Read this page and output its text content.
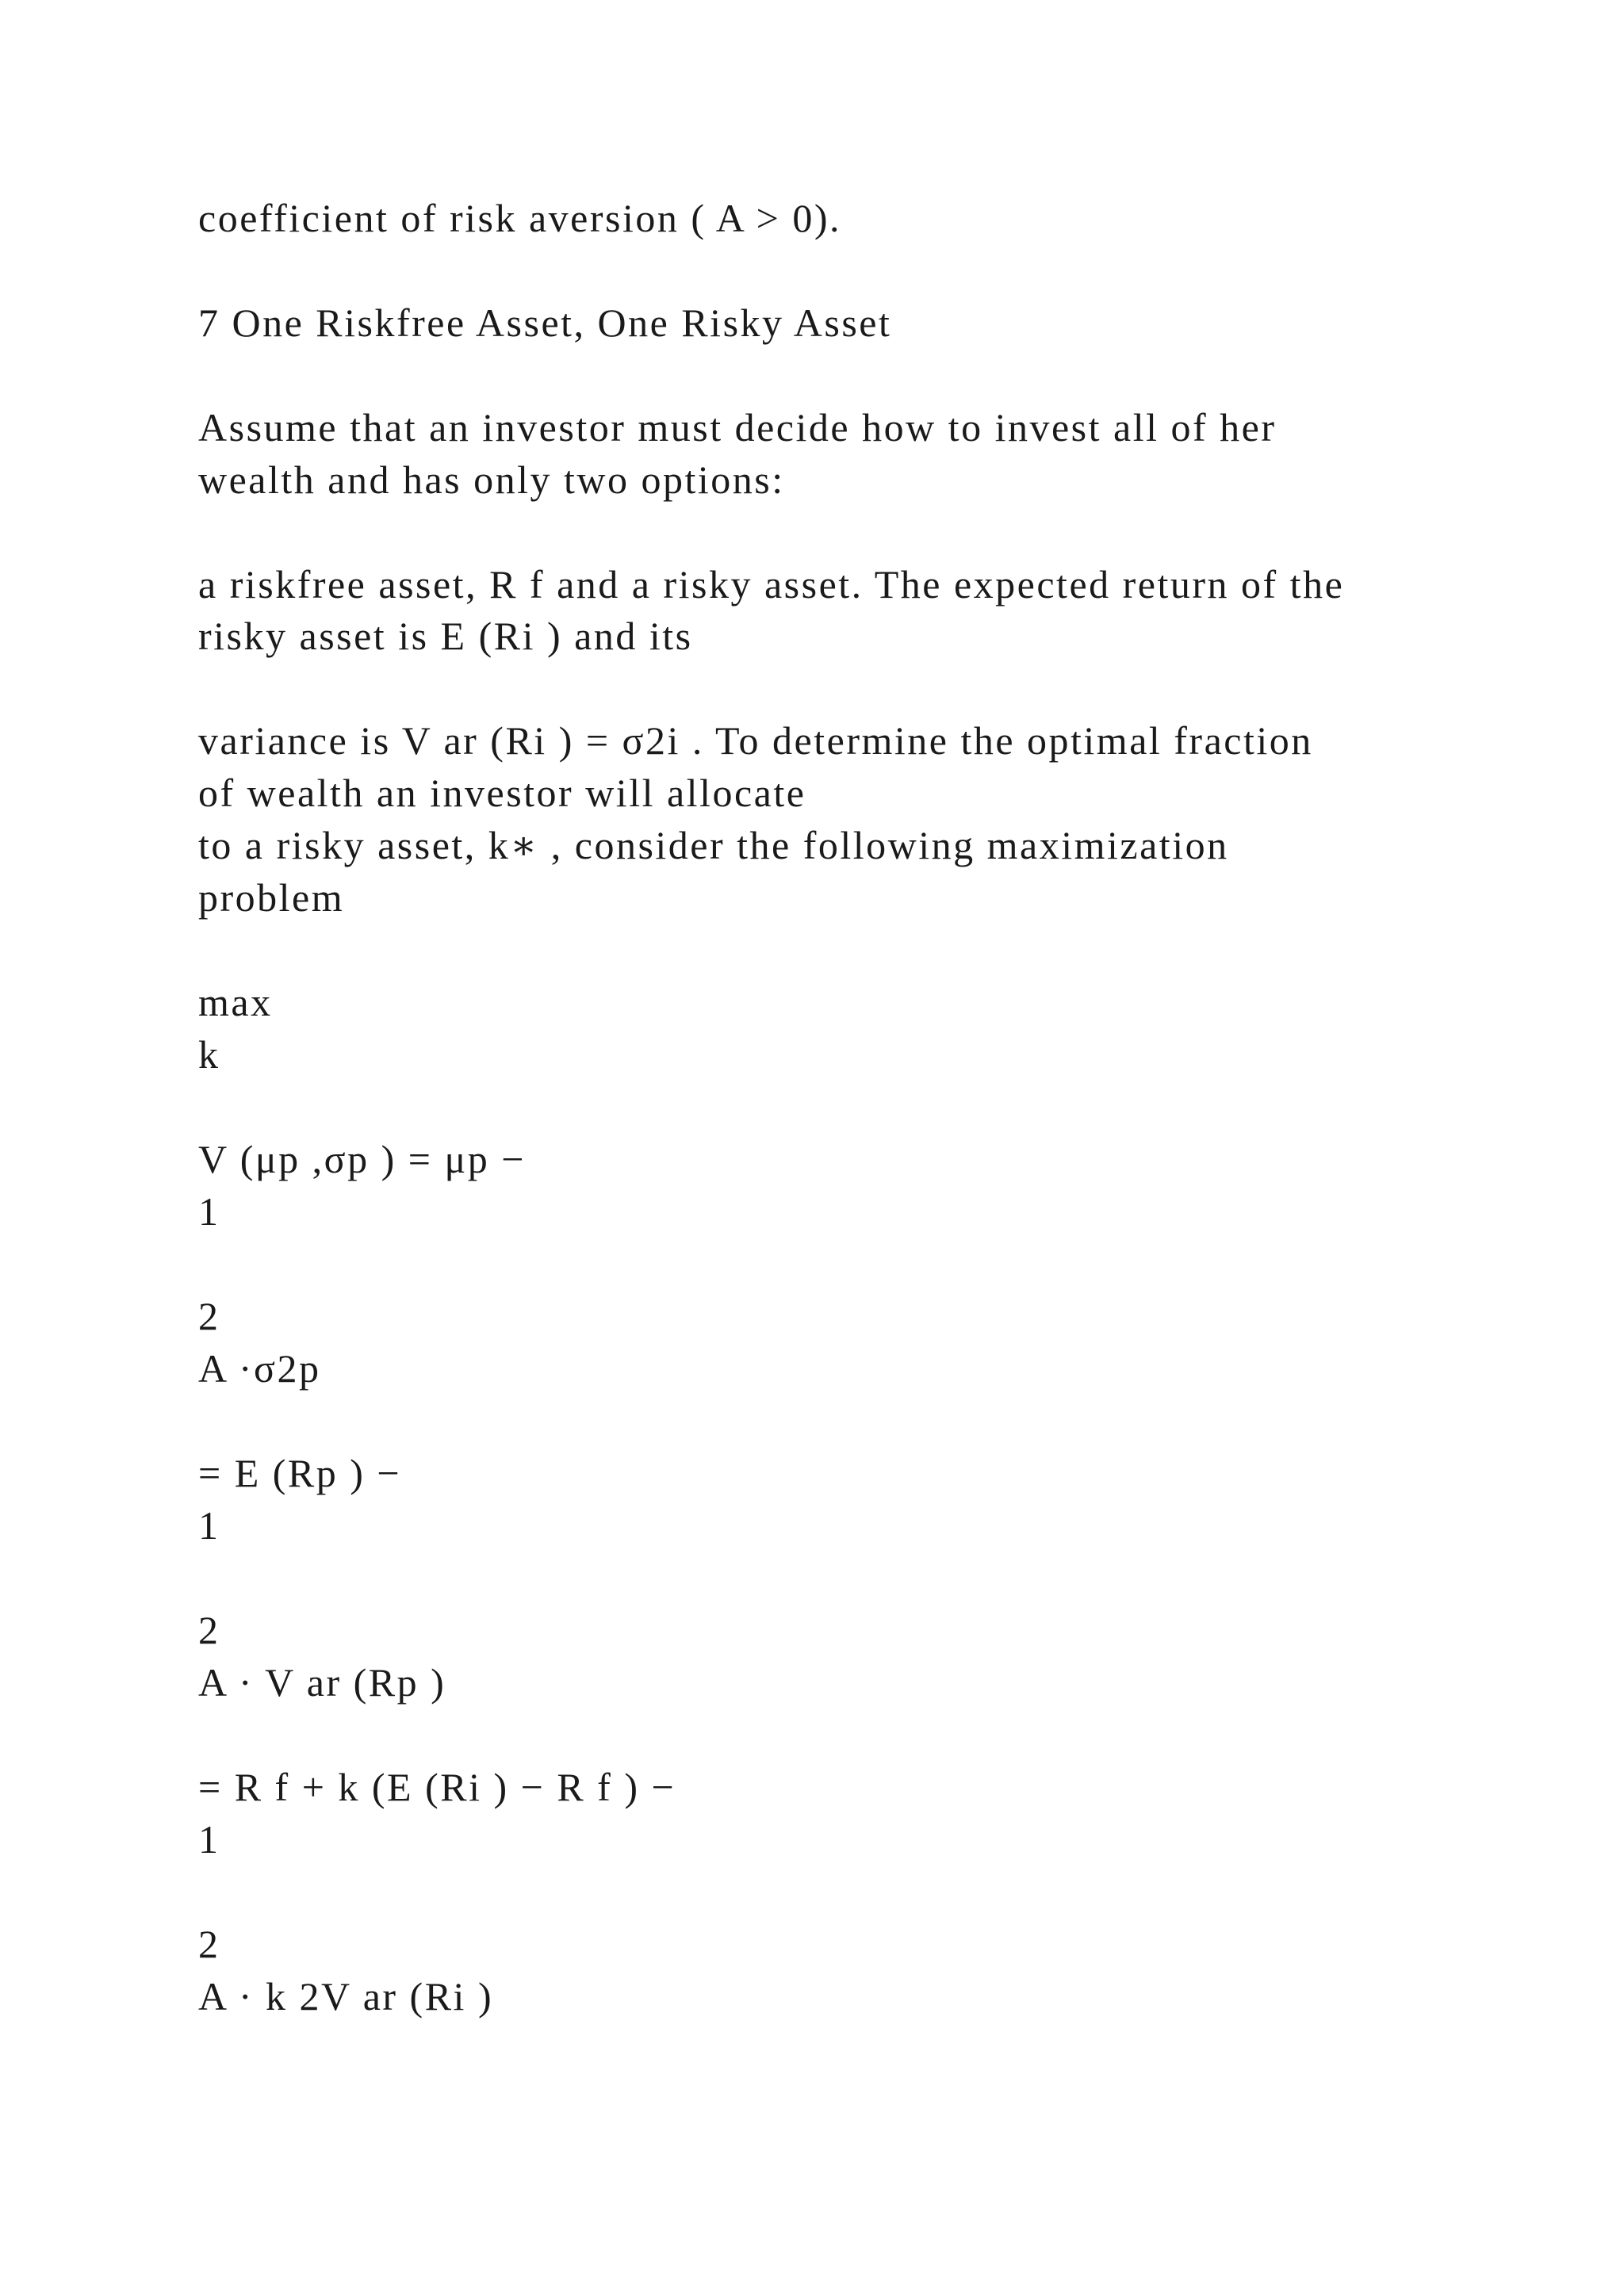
coefficient of risk aversion ( A > 0).

7 One Riskfree Asset, One Risky Asset

Assume that an investor must decide how to invest all of her

wealth and has only two options:

a riskfree asset, R f and a risky asset. The expected return of the

risky asset is E (Ri ) and its

variance is V ar (Ri ) = σ2i . To determine the optimal fraction

of wealth an investor will allocate

to a risky asset, k∗ , consider the following maximization

problem

max

k

V (μp ,σp ) = μp −

1

2

A ·σ2p

= E (Rp ) −

1

2

A · V ar (Rp )

= R f + k (E (Ri ) − R f ) −

1

2

A · k 2V ar (Ri )
